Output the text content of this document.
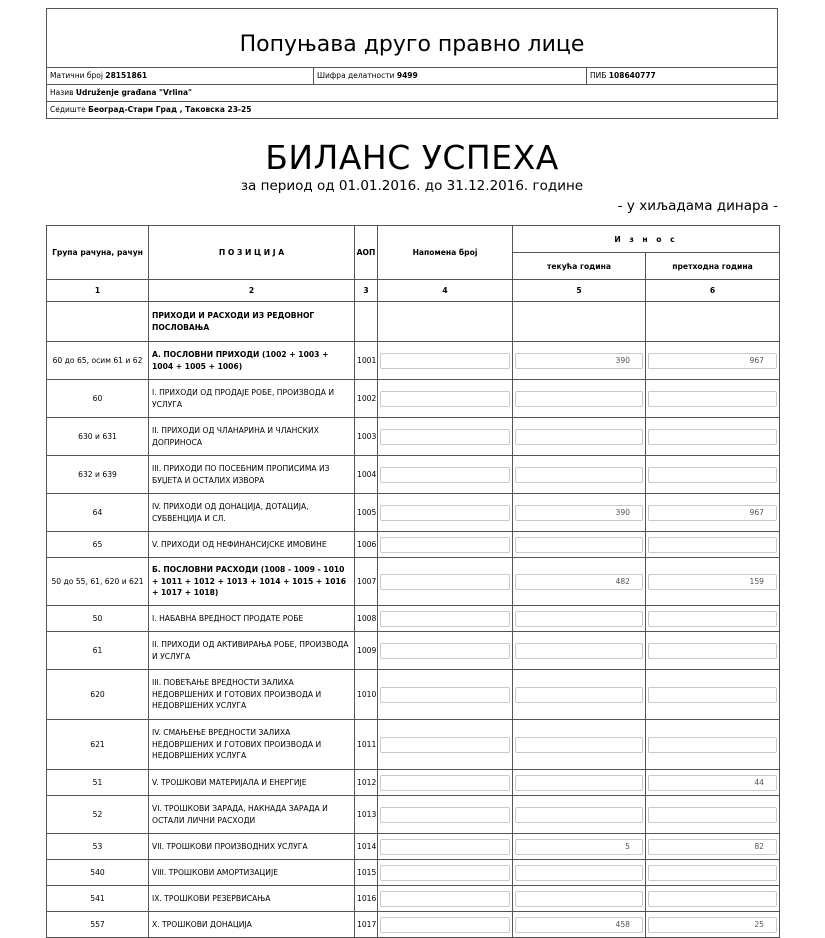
Попуњава друго правно лице
Матични број 28151861	Шифра делатности 9499	ПИБ 108640777
Назив Udruženje građana "Vrlina"
Седиште Београд-Стари Град , Таковска 23-25
БИЛАНС УСПЕХА
за период од 01.01.2016. до 31.12.2016. године
- у хиљадама динара -
Група рачуна, рачун	П О З И Ц И Ј А	АОП	Напомена број	И з н о с	
				текућа година	претходна година
1	2	3	4	5	6
	ПРИХОДИ И РАСХОДИ ИЗ РЕДОВНОГ ПОСЛОВАЊА				
60 до 65, осим 61 и 62	А. ПОСЛОВНИ ПРИХОДИ (1002 + 1003 + 1004 + 1005 + 1006)	1001		390	967

60	I. ПРИХОДИ ОД ПРОДАЈЕ РОБЕ, ПРОИЗВОДА И УСЛУГА	1002	

630 и 631	II. ПРИХОДИ ОД ЧЛАНАРИНА И ЧЛАНСКИХ ДОПРИНОСА	1003	

632 и 639	III. ПРИХОДИ ПО ПОСЕБНИМ ПРОПИСИМА ИЗ БУЏЕТА И ОСТАЛИХ ИЗВОРА	1004	

64	IV. ПРИХОДИ ОД ДОНАЦИЈА, ДОТАЦИЈА, СУБВЕНЦИЈА И СЛ.	1005		390	967

65	V. ПРИХОДИ ОД НЕФИНАНСИЈСКЕ ИМОВИНЕ	1006	

50 до 55, 61, 620 и 621	Б. ПОСЛОВНИ РАСХОДИ (1008 - 1009 - 1010 + 1011 + 1012 + 1013 + 1014 + 1015 + 1016 + 1017 + 1018)	1007		482	159

50	I. НАБАВНА ВРЕДНОСТ ПРОДАТЕ РОБЕ	1008	

61	II. ПРИХОДИ ОД АКТИВИРАЊА РОБЕ, ПРОИЗВОДА И УСЛУГА	1009	

620	III. ПОВЕЋАЊЕ ВРЕДНОСТИ ЗАЛИХА НЕДОВРШЕНИХ И ГОТОВИХ ПРОИЗВОДА И НЕДОВРШЕНИХ УСЛУГА	1010	

621	IV. СМАЊЕЊЕ ВРЕДНОСТИ ЗАЛИХА НЕДОВРШЕНИХ И ГОТОВИХ ПРОИЗВОДА И НЕДОВРШЕНИХ УСЛУГА	1011	

51	V. ТРОШКОВИ МАТЕРИЈАЛА И ЕНЕРГИЈЕ	1012			44

52	VI. ТРОШКОВИ ЗАРАДА, НАКНАДА ЗАРАДА И ОСТАЛИ ЛИЧНИ РАСХОДИ	1013	

53	VII. ТРОШКОВИ ПРОИЗВОДНИХ УСЛУГА	1014		5	82

540	VIII. ТРОШКОВИ АМОРТИЗАЦИЈЕ	1015	

541	IX. ТРОШКОВИ РЕЗЕРВИСАЊА	1016	

557	X. ТРОШКОВИ ДОНАЦИЈА	1017		458	25
